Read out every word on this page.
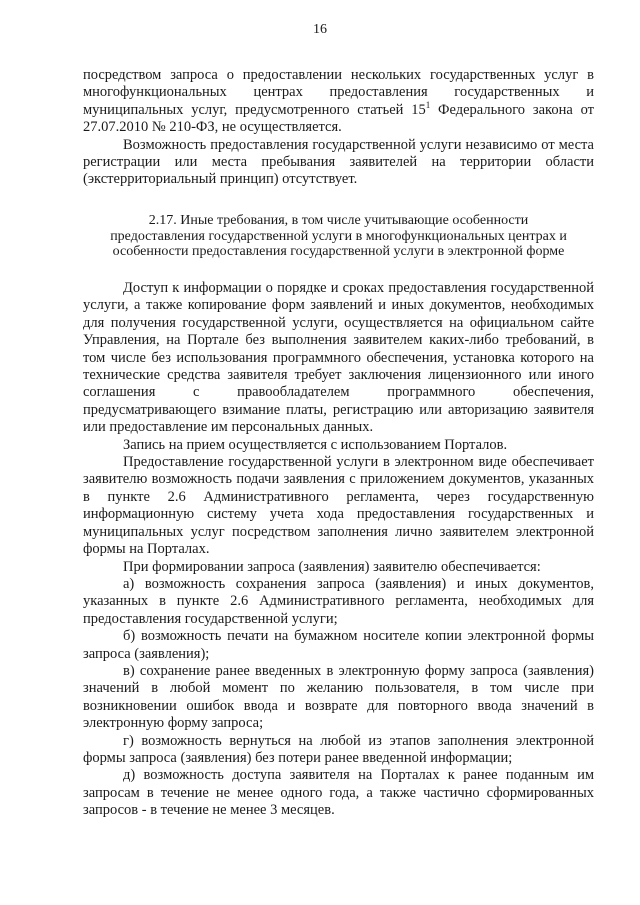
16

посредством запроса о предоставлении нескольких государственных услуг в многофункциональных центрах предоставления государственных и муниципальных услуг, предусмотренного статьей $15^1$ Федерального закона от 27.07.2010 № 210-ФЗ, не осуществляется.

Возможность предоставления государственной услуги независимо от места регистрации или места пребывания заявителей на территории области (экстерриториальный принцип) отсутствует.

2.17. Иные требования, в том числе учитывающие особенности
предоставления государственной услуги в многофункциональных центрах и
особенности предоставления государственной услуги в электронной форме

Доступ к информации о порядке и сроках предоставления государственной услуги, а также копирование форм заявлений и иных документов, необходимых для получения государственной услуги, осуществляется на официальном сайте Управления, на Портале без выполнения заявителем каких-либо требований, в том числе без использования программного обеспечения, установка которого на технические средства заявителя требует заключения лицензионного или иного соглашения с правообладателем программного обеспечения, предусматривающего взимание платы, регистрацию или авторизацию заявителя или предоставление им персональных данных.

Запись на прием осуществляется с использованием Порталов.

Предоставление государственной услуги в электронном виде обеспечивает заявителю возможность подачи заявления с приложением документов, указанных в пункте 2.6 Административного регламента, через государственную информационную систему учета хода предоставления государственных и муниципальных услуг посредством заполнения лично заявителем электронной формы на Порталах.

При формировании запроса (заявления) заявителю обеспечивается:

а) возможность сохранения запроса (заявления) и иных документов, указанных в пункте 2.6 Административного регламента, необходимых для предоставления государственной услуги;

б) возможность печати на бумажном носителе копии электронной формы запроса (заявления);

в) сохранение ранее введенных в электронную форму запроса (заявления) значений в любой момент по желанию пользователя, в том числе при возникновении ошибок ввода и возврате для повторного ввода значений в электронную форму запроса;

г) возможность вернуться на любой из этапов заполнения электронной формы запроса (заявления) без потери ранее введенной информации;

д) возможность доступа заявителя на Порталах к ранее поданным им запросам в течение не менее одного года, а также частично сформированных запросов - в течение не менее 3 месяцев.
